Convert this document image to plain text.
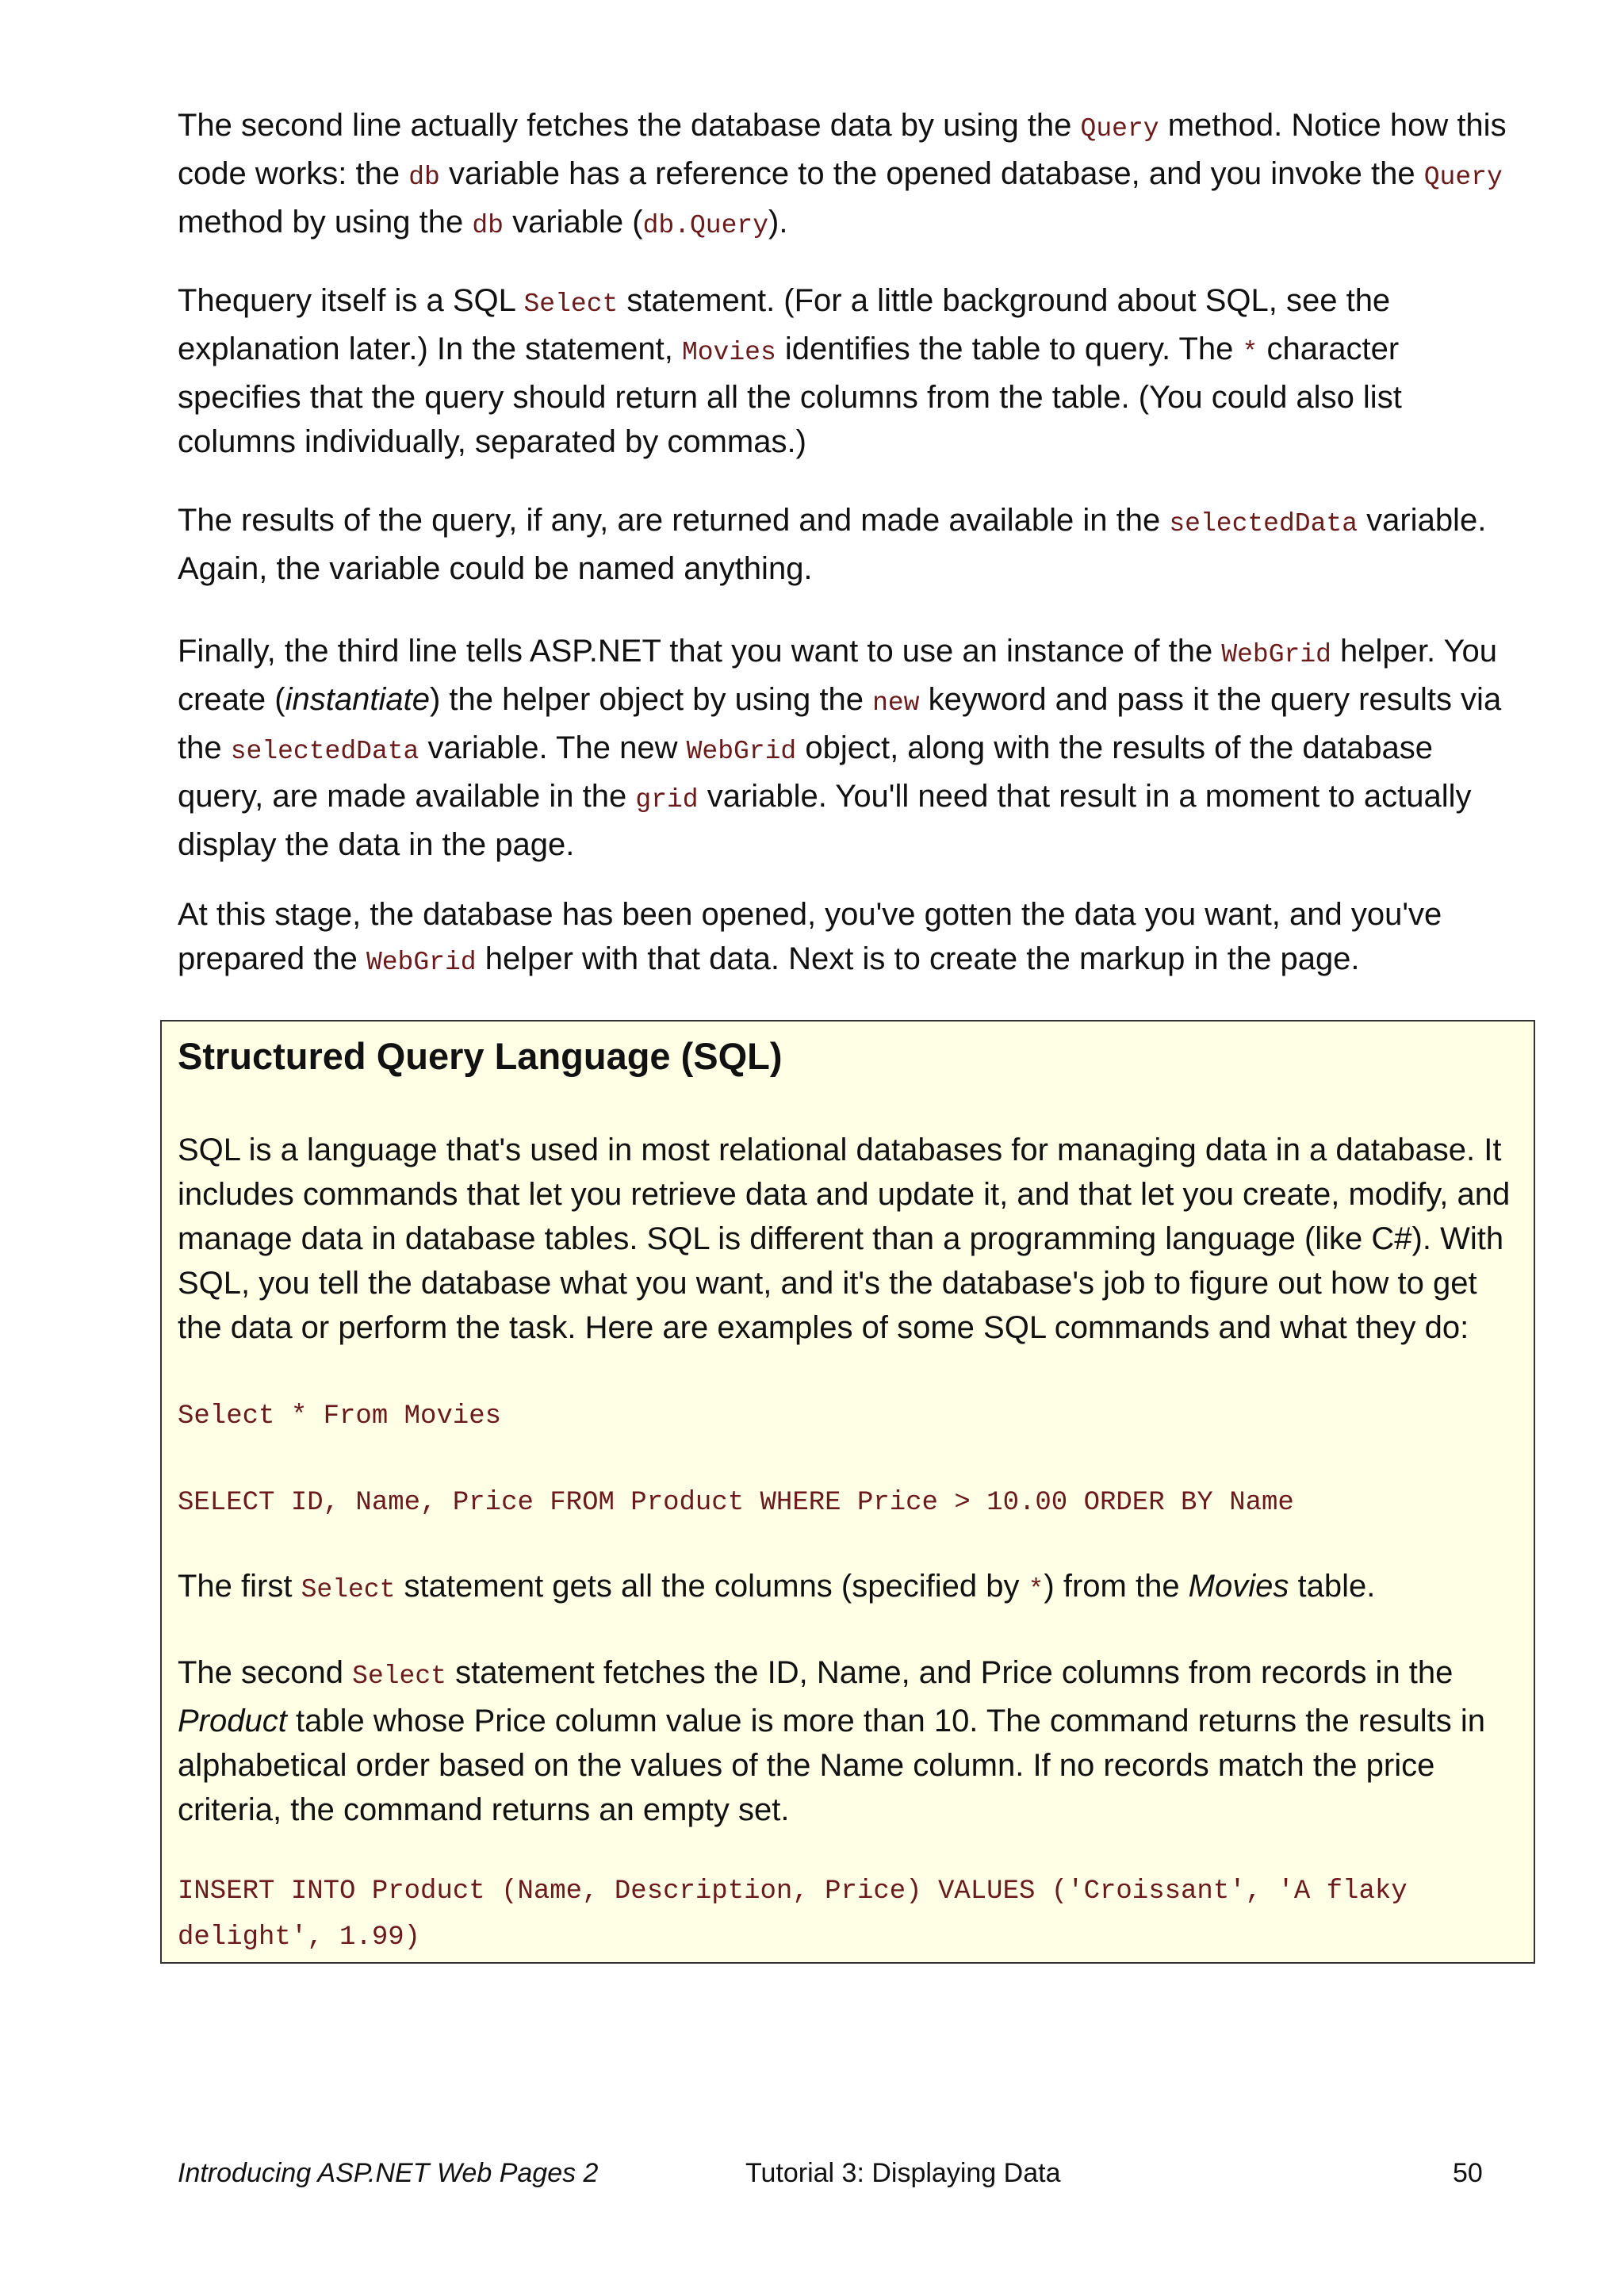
The second line actually fetches the database data by using the Query method. Notice how this code works: the db variable has a reference to the opened database, and you invoke the Query method by using the db variable (db.Query).

Thequery itself is a SQL Select statement. (For a little background about SQL, see the explanation later.) In the statement, Movies identifies the table to query. The * character specifies that the query should return all the columns from the table. (You could also list columns individually, separated by commas.)

The results of the query, if any, are returned and made available in the selectedData variable. Again, the variable could be named anything.

Finally, the third line tells ASP.NET that you want to use an instance of the WebGrid helper. You create (instantiate) the helper object by using the new keyword and pass it the query results via the selectedData variable. The new WebGrid object, along with the results of the database query, are made available in the grid variable. You'll need that result in a moment to actually display the data in the page.

At this stage, the database has been opened, you've gotten the data you want, and you've prepared the WebGrid helper with that data. Next is to create the markup in the page.

Structured Query Language (SQL)

SQL is a language that's used in most relational databases for managing data in a database. It includes commands that let you retrieve data and update it, and that let you create, modify, and manage data in database tables. SQL is different than a programming language (like C#). With SQL, you tell the database what you want, and it's the database's job to figure out how to get the data or perform the task. Here are examples of some SQL commands and what they do:

Select * From Movies
SELECT ID, Name, Price FROM Product WHERE Price > 10.00 ORDER BY Name

The first Select statement gets all the columns (specified by *) from the Movies table.

The second Select statement fetches the ID, Name, and Price columns from records in the Product table whose Price column value is more than 10. The command returns the results in alphabetical order based on the values of the Name column. If no records match the price criteria, the command returns an empty set.

INSERT INTO Product (Name, Description, Price) VALUES ('Croissant', 'A flaky delight', 1.99)
Introducing ASP.NET Web Pages 2	Tutorial 3: Displaying Data	50
